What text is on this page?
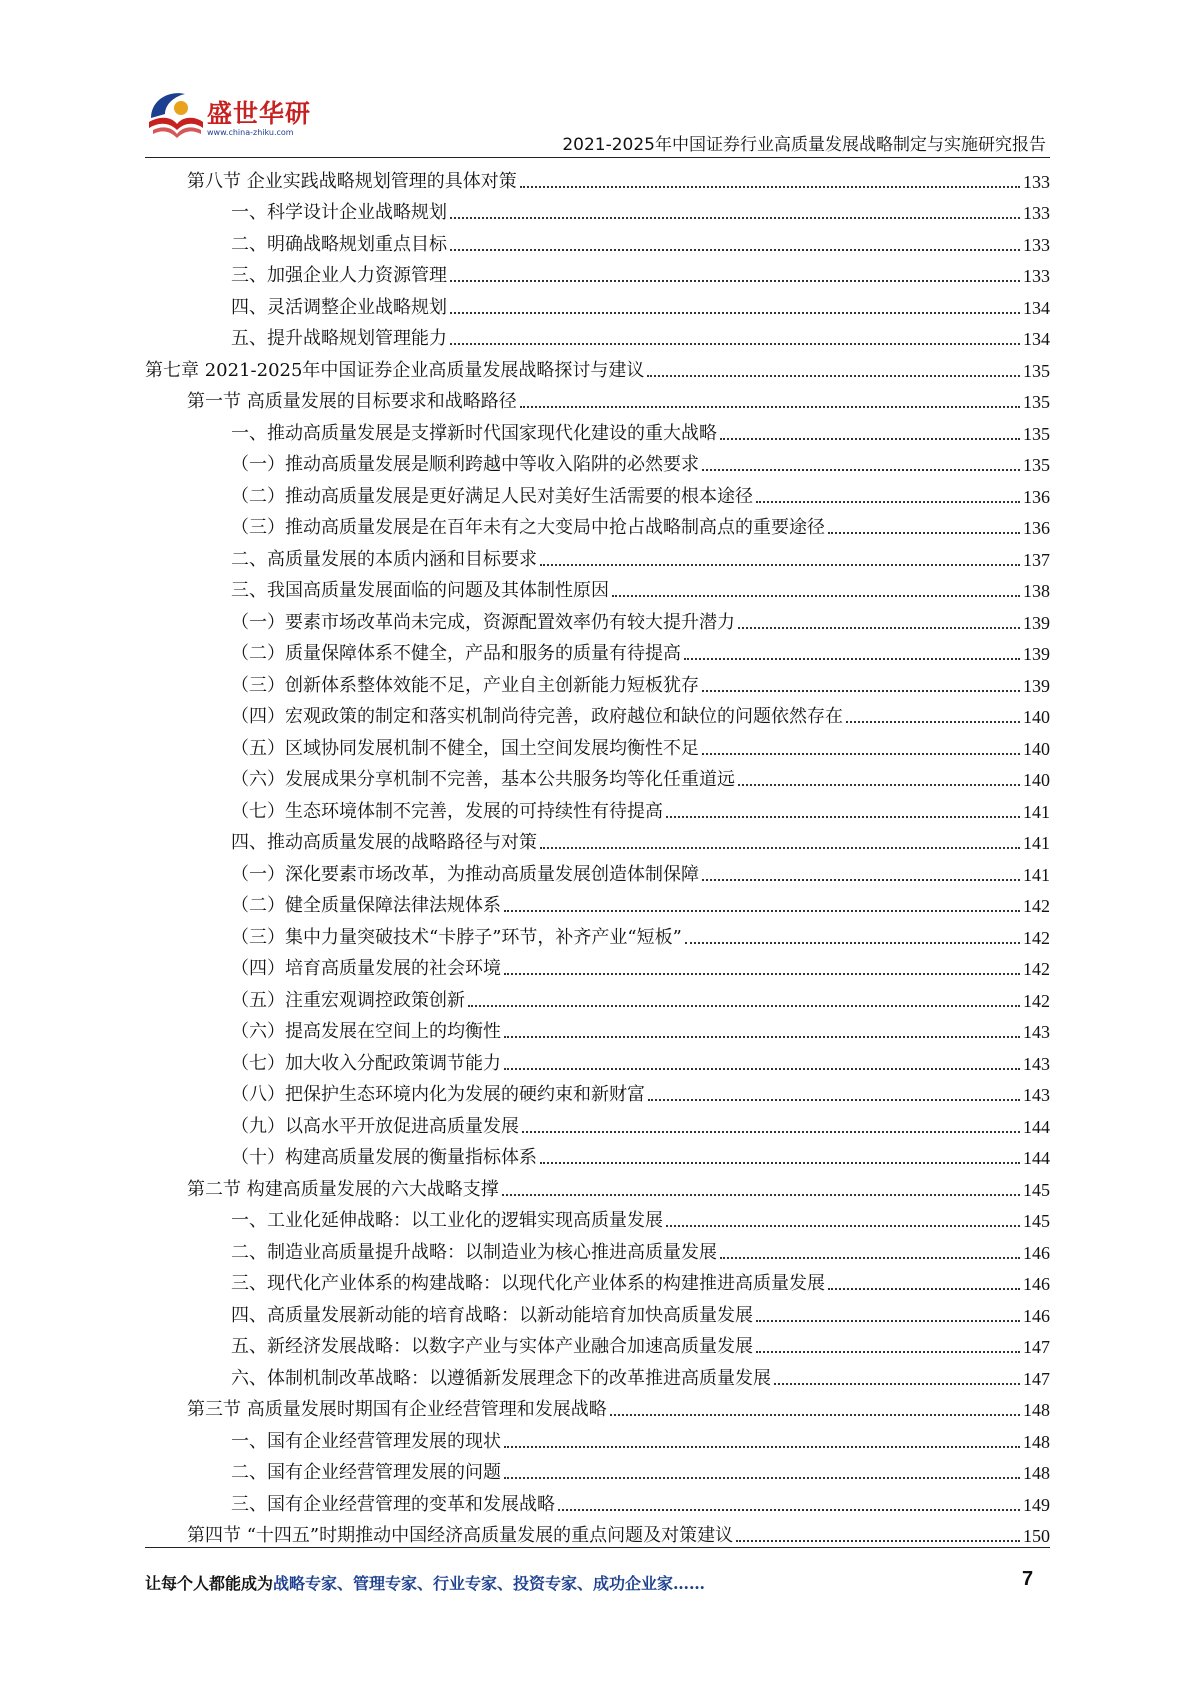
盛世华研
www.china-zhiku.com
2021-2025年中国证券行业高质量发展战略制定与实施研究报告
第八节 企业实践战略规划管理的具体对策	133
一、科学设计企业战略规划	133
二、明确战略规划重点目标	133
三、加强企业人力资源管理	133
四、灵活调整企业战略规划	134
五、提升战略规划管理能力	134
第七章 2021-2025年中国证券企业高质量发展战略探讨与建议	135
第一节 高质量发展的目标要求和战略路径	135
一、推动高质量发展是支撑新时代国家现代化建设的重大战略	135
（一）推动高质量发展是顺利跨越中等收入陷阱的必然要求	135
（二）推动高质量发展是更好满足人民对美好生活需要的根本途径	136
（三）推动高质量发展是在百年未有之大变局中抢占战略制高点的重要途径	136
二、高质量发展的本质内涵和目标要求	137
三、我国高质量发展面临的问题及其体制性原因	138
（一）要素市场改革尚未完成，资源配置效率仍有较大提升潜力	139
（二）质量保障体系不健全，产品和服务的质量有待提高	139
（三）创新体系整体效能不足，产业自主创新能力短板犹存	139
（四）宏观政策的制定和落实机制尚待完善，政府越位和缺位的问题依然存在	140
（五）区域协同发展机制不健全，国土空间发展均衡性不足	140
（六）发展成果分享机制不完善，基本公共服务均等化任重道远	140
（七）生态环境体制不完善，发展的可持续性有待提高	141
四、推动高质量发展的战略路径与对策	141
（一）深化要素市场改革，为推动高质量发展创造体制保障	141
（二）健全质量保障法律法规体系	142
（三）集中力量突破技术“卡脖子”环节，补齐产业“短板”	142
（四）培育高质量发展的社会环境	142
（五）注重宏观调控政策创新	142
（六）提高发展在空间上的均衡性	143
（七）加大收入分配政策调节能力	143
（八）把保护生态环境内化为发展的硬约束和新财富	143
（九）以高水平开放促进高质量发展	144
（十）构建高质量发展的衡量指标体系	144
第二节 构建高质量发展的六大战略支撑	145
一、工业化延伸战略：以工业化的逻辑实现高质量发展	145
二、制造业高质量提升战略：以制造业为核心推进高质量发展	146
三、现代化产业体系的构建战略：以现代化产业体系的构建推进高质量发展	146
四、高质量发展新动能的培育战略：以新动能培育加快高质量发展	146
五、新经济发展战略：以数字产业与实体产业融合加速高质量发展	147
六、体制机制改革战略：以遵循新发展理念下的改革推进高质量发展	147
第三节 高质量发展时期国有企业经营管理和发展战略	148
一、国有企业经营管理发展的现状	148
二、国有企业经营管理发展的问题	148
三、国有企业经营管理的变革和发展战略	149
第四节 “十四五”时期推动中国经济高质量发展的重点问题及对策建议	150
让每个人都能成为战略专家、管理专家、行业专家、投资专家、成功企业家……	7
